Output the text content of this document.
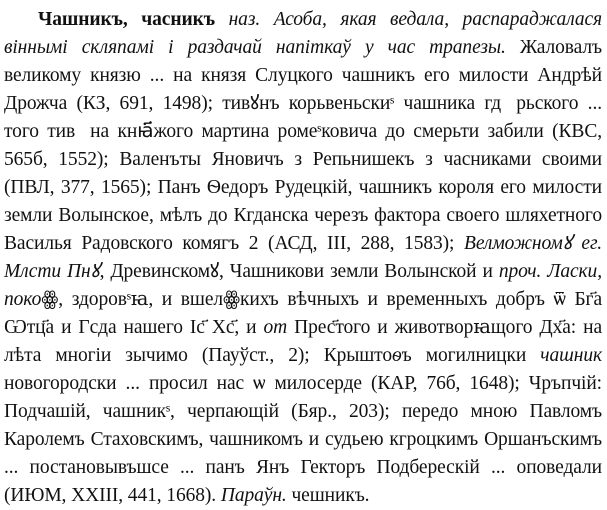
Чашникъ, часникъ наз. Асоба, якая ведала, распараджалася віннымі скляпамі і раздачай напіткаў у час трапезы. Жаловалъ великому князю ... на князя Слуцкого чашникъ его милости Андрѣй Дрожча (КЗ, 691, 1498); тивꙋнъ корьвеньскиˢ чашника гдⷭрьского ... того тивꙋна кнꙗ҃жого мартина ромеˢковича до смерьти забили (КВС, 565б, 1552); Валенъты Яновичъ з Репьнишекъ з часниками своими (ПВЛ, 377, 1565); Панъ Ѳедоръ Рудецкій, чашникъ короля его милости земли Волынское, мѣлъ до Кгданска черезъ фактора своего шляхетного Василья Радовского комягъ 2 (АСД, III, 288, 1583); Велможномꙋ ег. Млсти Пнꙋ, Древинскомꙋ, Чашникови земли Волынской и проч. Ласки, покоꙮ, здоровˢꙗ, и вшелꙮкихъ вѣчныхъ и временныхъ добръ ѿ Бг҃а Ѡтц҃а и Гсда нашего Іс҃ Хс҃, и от Прес҃того и животворꙗщого Дх҃а: на лѣта многіи зычимо (Пауўст., 2); Крыштоѳъ могилницки чашник новогородски ... просил нас ѡ милосерде (КАР, 76б, 1648); Чръпчій: Подчашій, чашникˢ, черпающій (Бяр., 203); передо мною Павломъ Каролемъ Стаховскимъ, чашникомъ и судьею кгроцкимъ Оршанъскимъ ... постановывъшсе ... панъ Янъ Гекторъ Подберескій ... оповедали (ИЮМ, XXIII, 441, 1668). Параўн. чешникъ.
